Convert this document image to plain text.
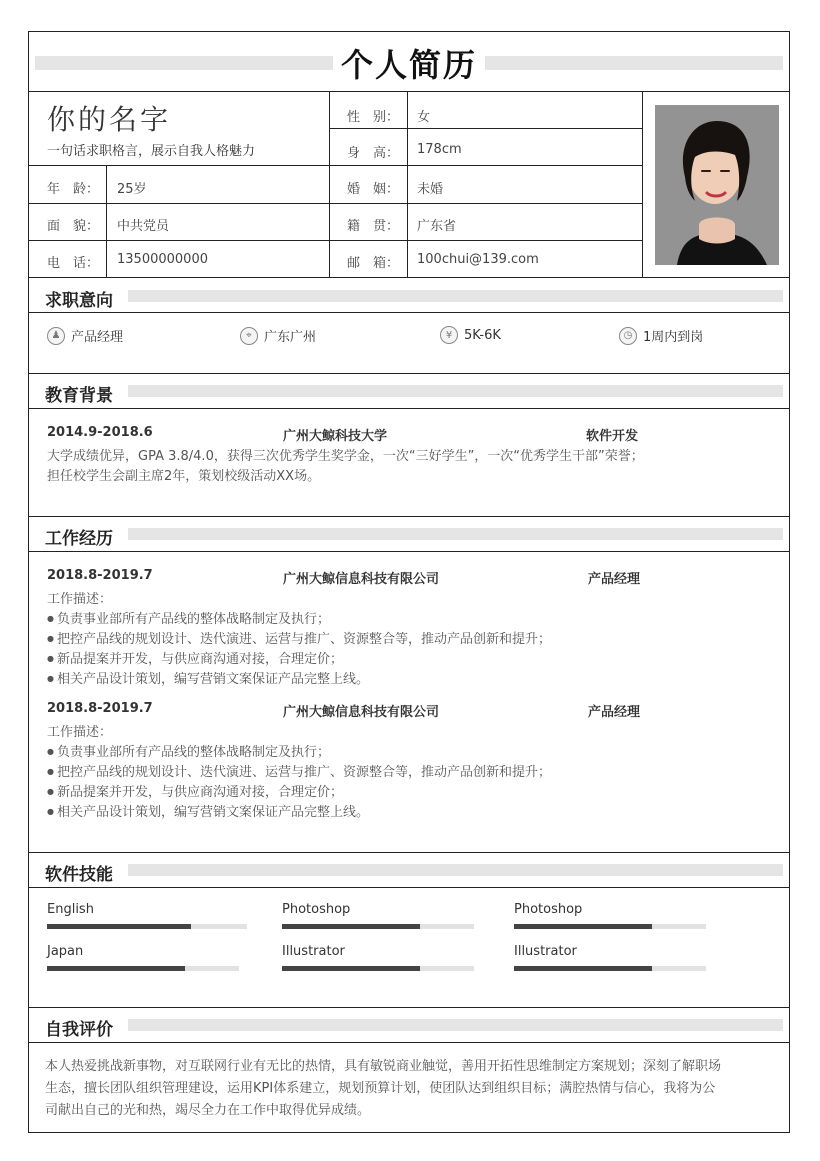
个人简历
你的名字
一句话求职格言，展示自我人格魅力
性　别： 女
身　高： 178cm
年　龄： 25岁	婚　姻： 未婚
面　貌： 中共党员	籍　贯： 广东省
电　话： 13500000000	邮　箱： 100chui@139.com
求职意向
♟ 产品经理	⌖ 广东广州	¥ 5K-6K	◷ 1周内到岗
教育背景
2014.9-2018.6	广州大鲸科技大学	软件开发
大学成绩优异，GPA 3.8/4.0，获得三次优秀学生奖学金，一次“三好学生”，一次“优秀学生干部”荣誉；
担任校学生会副主席2年，策划校级活动XX场。
工作经历
2018.8-2019.7	广州大鲸信息科技有限公司	产品经理
工作描述：
● 负责事业部所有产品线的整体战略制定及执行；
● 把控产品线的规划设计、迭代演进、运营与推广、资源整合等，推动产品创新和提升；
● 新品提案并开发，与供应商沟通对接，合理定价；
● 相关产品设计策划，编写营销文案保证产品完整上线。
2018.8-2019.7	广州大鲸信息科技有限公司	产品经理
工作描述：
● 负责事业部所有产品线的整体战略制定及执行；
● 把控产品线的规划设计、迭代演进、运营与推广、资源整合等，推动产品创新和提升；
● 新品提案并开发，与供应商沟通对接，合理定价；
● 相关产品设计策划，编写营销文案保证产品完整上线。
软件技能
English	Photoshop	Photoshop
Japan	Illustrator	Illustrator
自我评价
本人热爱挑战新事物，对互联网行业有无比的热情，具有敏锐商业触觉，善用开拓性思维制定方案规划；深刻了解职场
生态，擅长团队组织管理建设，运用KPI体系建立，规划预算计划，使团队达到组织目标；满腔热情与信心，我将为公
司献出自己的光和热，竭尽全力在工作中取得优异成绩。
